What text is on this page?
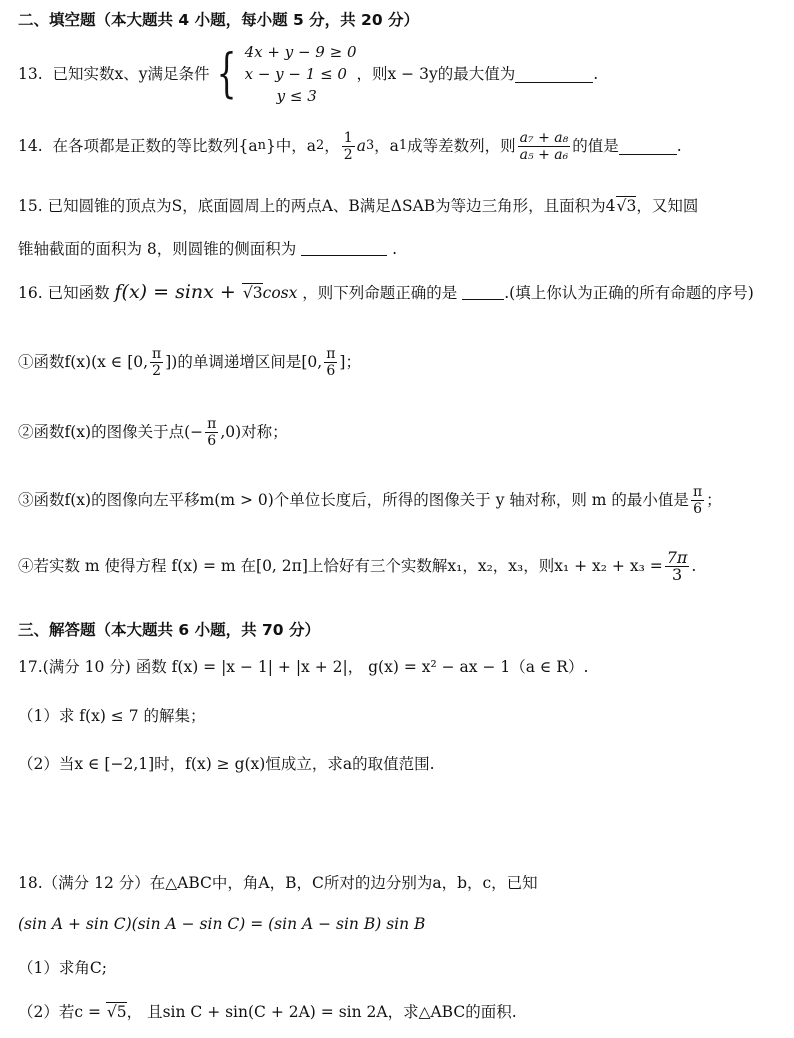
二、填空题（本大题共 4 小题，每小题 5 分，共 20 分）
13.
已知实数x、y满足条件 { 4x + y − 9 ≥ 0
x − y − 1 ≤ 0
y ≤ 3
，则x − 3y的最大值为	.
14.
在各项都是正数的等比数列{a n }中，a 2 ， $\frac{1}{2}$ a 3 ，a 1 成等差数列，则 $\frac{\text{a₇ + a₈}}{\text{a₅ + a₆}}$ 的值是	.
15. 已知圆锥的顶点为S，底面圆周上的两点A、B满足ΔSAB为等边三角形，且面积为4√3，又知圆
锥轴截面的面积为 8，则圆锥的侧面积为	.
16. 已知函数 f(x) = sinx + √3cosx ，则下列命题正确的是	.(填上你认为正确的所有命题的序号)
①函数f(x) (x ∈ [0, $\frac{\pi}{2}$ ])的单调递增区间是 [0, $\frac{\pi}{6}$ ]；
②函数f(x)的图像关于点 (− $\frac{\pi}{6} ,0$)对称；
③函数f(x)的图像向左平移m(m > 0)个单位长度后，所得的图像关于 y 轴对称，则 m 的最小值是 $\frac{\pi}{6}$ ；
④若实数 m 使得方程 f(x) = m 在[0, 2π]上恰好有三个实数解x₁，x₂，x₃，则$x_1 + x_2 + x_3 = \frac{7\pi}{3}$ .
三、解答题（本大题共 6 小题，共 70 分）
17.(满分 10 分) 函数 f(x) = |x − 1| + |x + 2|， g(x) = x² − ax − 1（a ∈ R）.
（1）求 f(x) ≤ 7 的解集；
（2）当x ∈ [−2,1]时，f(x) ≥ g(x)恒成立，求a的取值范围.
18.（满分 12 分）在△ABC中，角A，B，C所对的边分别为a，b，c，已知
(sin A + sin C)(sin A − sin C) = (sin A − sin B) sin B
（1）求角C;
（2）若c = √5， 且sin C + sin(C + 2A) = sin 2A，求△ABC的面积.
